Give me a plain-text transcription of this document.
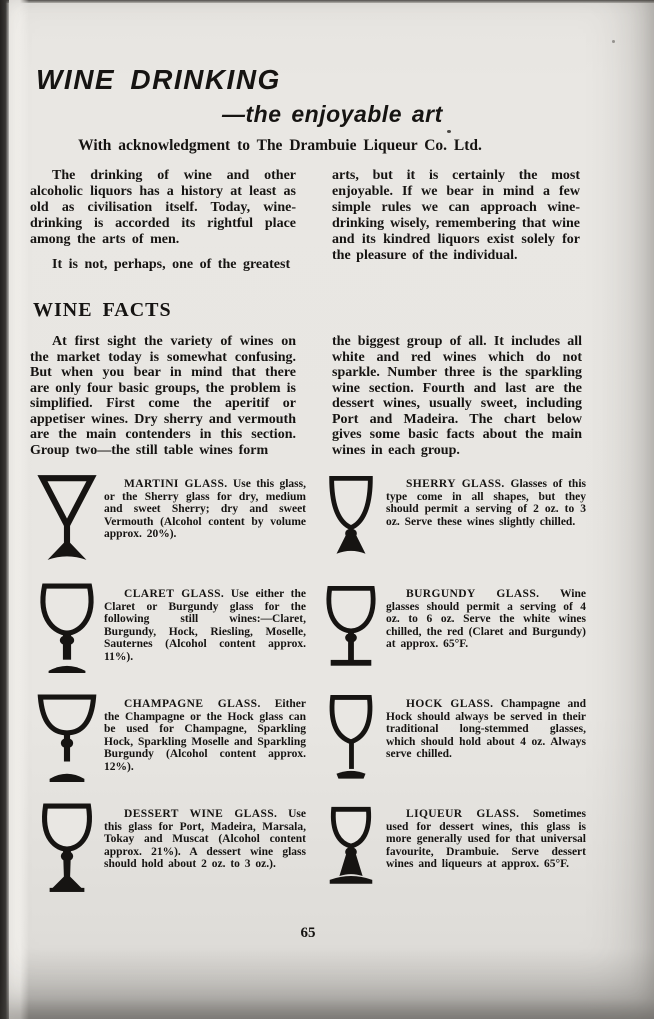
WINE DRINKING
—the enjoyable art
With acknowledgment to The Drambuie Liqueur Co. Ltd.

The drinking of wine and other alcoholic liquors has a history at least as old as civilisation itself. Today, wine-drinking is accorded its rightful place among the arts of men.

It is not, perhaps, one of the greatest

arts, but it is certainly the most enjoyable. If we bear in mind a few simple rules we can approach wine-drinking wisely, remembering that wine and its kindred liquors exist solely for the pleasure of the individual.

WINE FACTS

At first sight the variety of wines on the market today is somewhat confusing. But when you bear in mind that there are only four basic groups, the problem is simplified. First come the aperitif or appetiser wines. Dry sherry and vermouth are the main contenders in this section. Group two—the still table wines form

the biggest group of all. It includes all white and red wines which do not sparkle. Number three is the sparkling wine section. Fourth and last are the dessert wines, usually sweet, including Port and Madeira. The chart below gives some basic facts about the main wines in each group.

MARTINI GLASS. Use this glass, or the Sherry glass for dry, medium and sweet Sherry; dry and sweet Vermouth (Alcohol content by volume approx. 20%).

SHERRY GLASS. Glasses of this type come in all shapes, but they should permit a serving of 2 oz. to 3 oz. Serve these wines slightly chilled.

CLARET GLASS. Use either the Claret or Burgundy glass for the following still wines:—Claret, Burgundy, Hock, Riesling, Moselle, Sauternes (Alcohol content approx. 11%).

BURGUNDY GLASS. Wine glasses should permit a serving of 4 oz. to 6 oz. Serve the white wines chilled, the red (Claret and Burgundy) at approx. 65°F.

CHAMPAGNE GLASS. Either the Champagne or the Hock glass can be used for Champagne, Sparkling Hock, Sparkling Moselle and Sparkling Burgundy (Alcohol content approx. 12%).

HOCK GLASS. Champagne and Hock should always be served in their traditional long-stemmed glasses, which should hold about 4 oz. Always serve chilled.

DESSERT WINE GLASS. Use this glass for Port, Madeira, Marsala, Tokay and Muscat (Alcohol content approx. 21%). A dessert wine glass should hold about 2 oz. to 3 oz.).

LIQUEUR GLASS. Sometimes used for dessert wines, this glass is more generally used for that universal favourite, Drambuie. Serve dessert wines and liqueurs at approx. 65°F.

65
